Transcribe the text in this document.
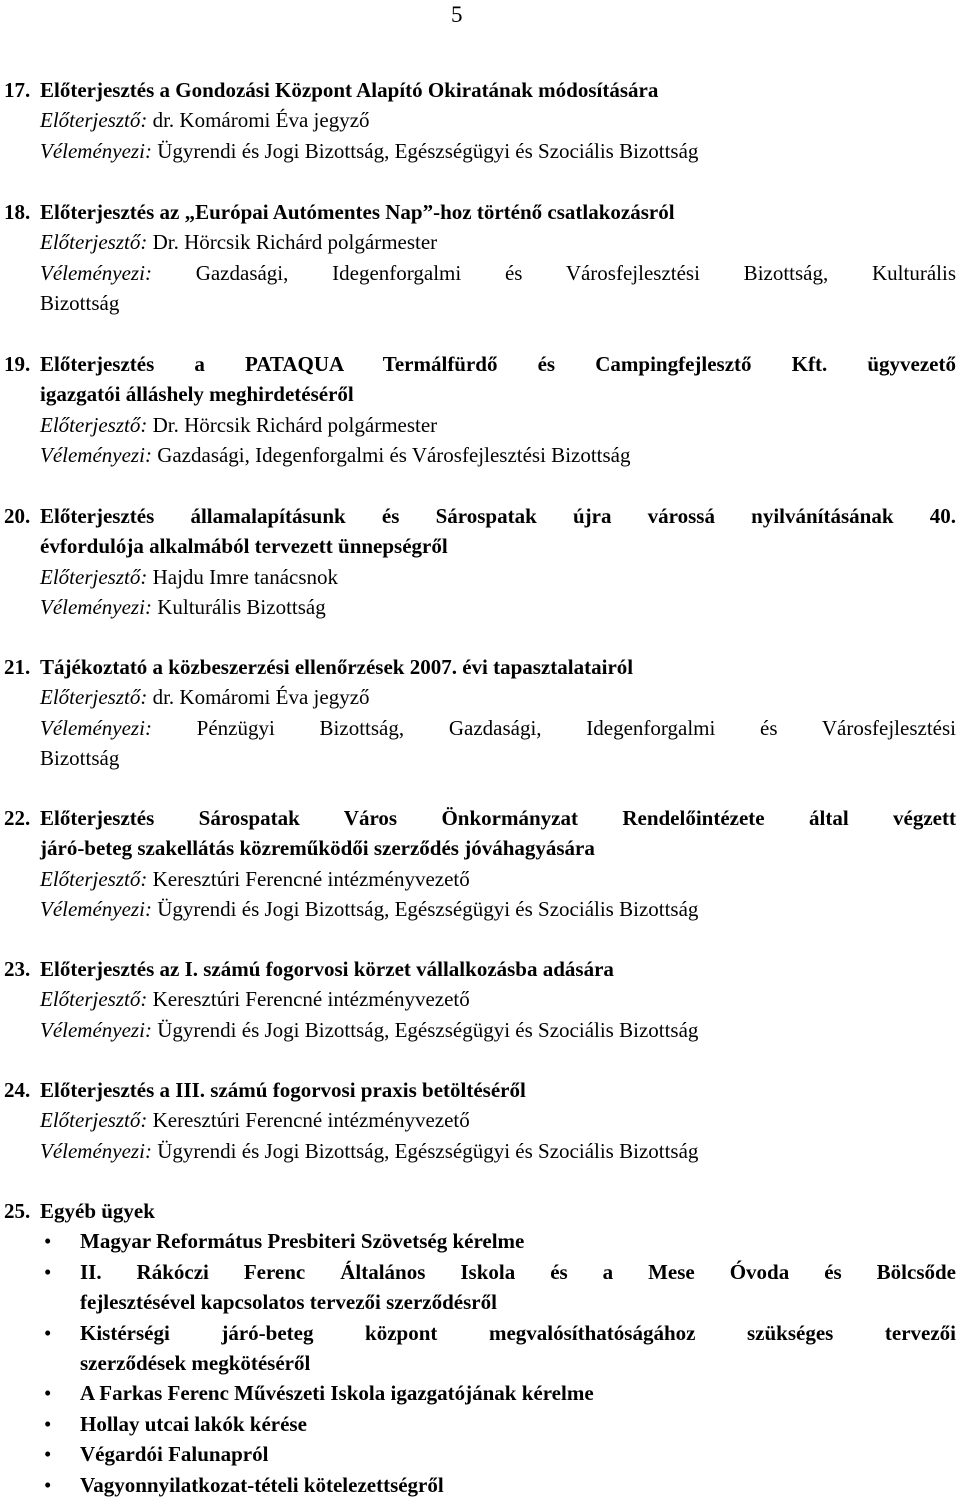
5
17. Előterjesztés a Gondozási Központ Alapító Okiratának módosítására
Előterjesztő: dr. Komáromi Éva jegyző
Véleményezi: Ügyrendi és Jogi Bizottság, Egészségügyi és Szociális Bizottság
18. Előterjesztés az „Európai Autómentes Nap”-hoz történő csatlakozásról
Előterjesztő: Dr. Hörcsik Richárd polgármester
Véleményezi: Gazdasági, Idegenforgalmi és Városfejlesztési Bizottság, Kulturális
Bizottság
19. Előterjesztés a PATAQUA Termálfürdő és Campingfejlesztő Kft. ügyvezető
igazgatói álláshely meghirdetéséről
Előterjesztő: Dr. Hörcsik Richárd polgármester
Véleményezi: Gazdasági, Idegenforgalmi és Városfejlesztési Bizottság
20. Előterjesztés államalapításunk és Sárospatak újra várossá nyilvánításának 40.
évfordulója alkalmából tervezett ünnepségről
Előterjesztő: Hajdu Imre tanácsnok
Véleményezi: Kulturális Bizottság
21. Tájékoztató a közbeszerzési ellenőrzések 2007. évi tapasztalatairól
Előterjesztő: dr. Komáromi Éva jegyző
Véleményezi: Pénzügyi Bizottság, Gazdasági, Idegenforgalmi és Városfejlesztési
Bizottság
22. Előterjesztés Sárospatak Város Önkormányzat Rendelőintézete által végzett
járó-beteg szakellátás közreműködői szerződés jóváhagyására
Előterjesztő: Keresztúri Ferencné intézményvezető
Véleményezi: Ügyrendi és Jogi Bizottság, Egészségügyi és Szociális Bizottság
23. Előterjesztés az I. számú fogorvosi körzet vállalkozásba adására
Előterjesztő: Keresztúri Ferencné intézményvezető
Véleményezi: Ügyrendi és Jogi Bizottság, Egészségügyi és Szociális Bizottság
24. Előterjesztés a III. számú fogorvosi praxis betöltéséről
Előterjesztő: Keresztúri Ferencné intézményvezető
Véleményezi: Ügyrendi és Jogi Bizottság, Egészségügyi és Szociális Bizottság
25. Egyéb ügyek
• Magyar Református Presbiteri Szövetség kérelme
• II. Rákóczi Ferenc Általános Iskola és a Mese Óvoda és Bölcsőde
fejlesztésével kapcsolatos tervezői szerződésről
• Kistérségi járó-beteg központ megvalósíthatóságához szükséges tervezői
szerződések megkötéséről
• A Farkas Ferenc Művészeti Iskola igazgatójának kérelme
• Hollay utcai lakók kérése
• Végardói Falunapról
• Vagyonnyilatkozat-tételi kötelezettségről
